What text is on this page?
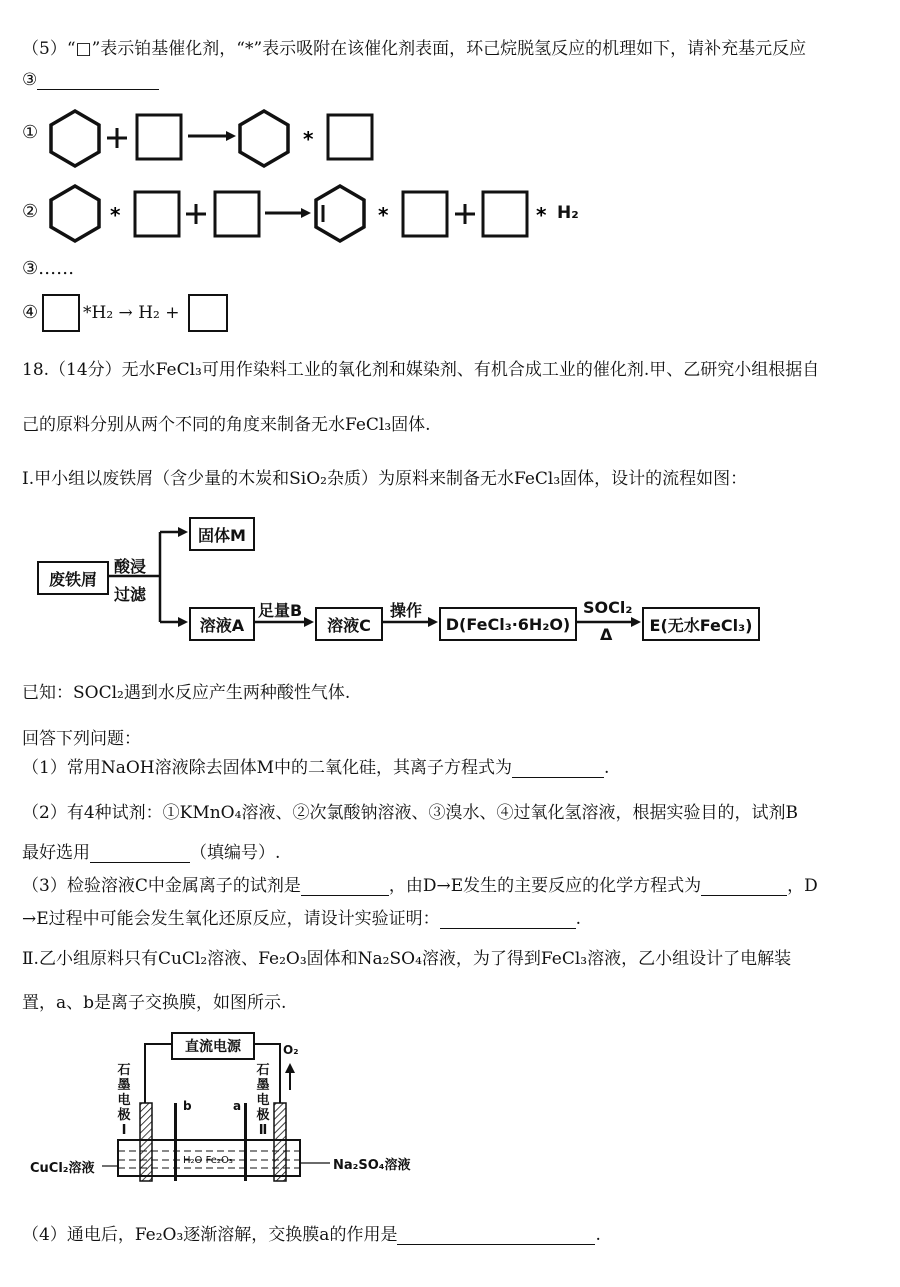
（5）“□”表示铂基催化剂，“*”表示吸附在该催化剂表面，环己烷脱氢反应的机理如下，请补充基元反应
③
①	*
*	*	*
②	H₂
③……
④	*H₂ → H₂ +
18.（14分）无水FeCl₃可用作染料工业的氧化剂和媒染剂、有机合成工业的催化剂.甲、乙研究小组根据自
己的原料分别从两个不同的角度来制备无水FeCl₃固体.
Ⅰ.甲小组以废铁屑（含少量的木炭和SiO₂杂质）为原料来制备无水FeCl₃固体，设计的流程如图：
废铁屑
酸浸
过滤
固体M
溶液A
足量B
溶液C
操作
D(FeCl₃·6H₂O)
SOCl₂
Δ	E(无水FeCl₃)
已知：SOCl₂遇到水反应产生两种酸性气体.
回答下列问题：
（1）常用NaOH溶液除去固体M中的二氧化硅，其离子方程式为	.
（2）有4种试剂：①KMnO₄溶液、②次氯酸钠溶液、③溴水、④过氧化氢溶液，根据实验目的，试剂B
最好选用	（填编号）.
（3）检验溶液C中金属离子的试剂是	，由D→E发生的主要反应的化学方程式为	，D
→E过程中可能会发生氧化还原反应，请设计实验证明：	.
Ⅱ.乙小组原料只有CuCl₂溶液、Fe₂O₃固体和Na₂SO₄溶液，为了得到FeCl₃溶液，乙小组设计了电解装
置，a、b是离子交换膜，如图所示.
直流电源	O₂
石
墨
电
极
Ⅰ
石
墨
电
极
Ⅱ
b	a
H₂O Fe₂O₃
CuCl₂溶液	Na₂SO₄溶液
（4）通电后，Fe₂O₃逐渐溶解，交换膜a的作用是	.
